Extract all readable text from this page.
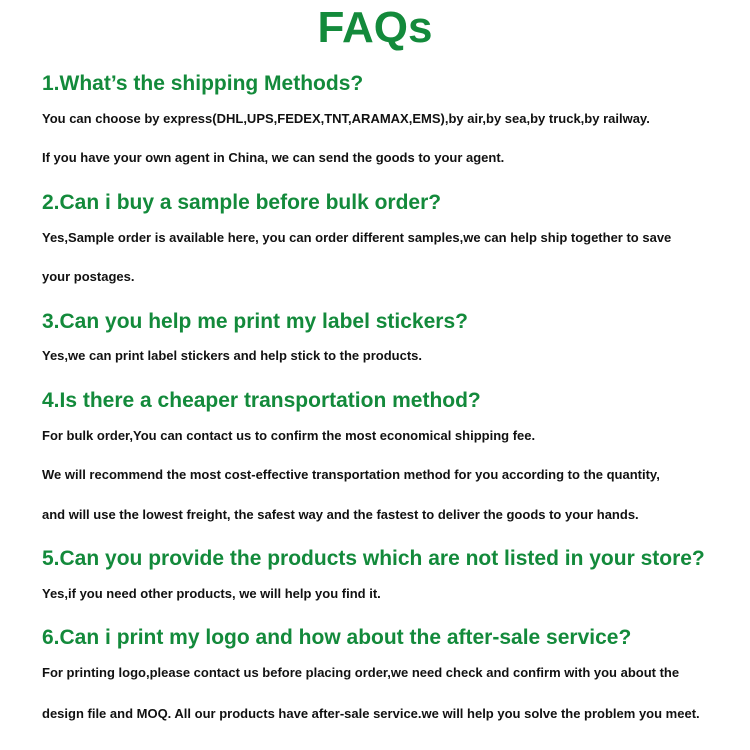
FAQs
1.What’s the shipping Methods?

You can choose by express(DHL,UPS,FEDEX,TNT,ARAMAX,EMS),by air,by sea,by truck,by railway.

If you have your own agent in China, we can send the goods to your agent.

2.Can i buy a sample before bulk order?

Yes,Sample order is available here, you can order different samples,we can help ship together to save

your postages.

3.Can you help me print my label stickers?

Yes,we can print label stickers and help stick to the products.

4.Is there a cheaper transportation method?

For bulk order,You can contact us to confirm the most economical shipping fee.

We will recommend the most cost-effective transportation method for you according to the quantity,

and will use the lowest freight, the safest way and the fastest to deliver the goods to your hands.

5.Can you provide the products which are not listed in your store?

Yes,if you need other products, we will help you find it.

6.Can i print my logo and how about the after-sale service?

For printing logo,please contact us before placing order,we need check and confirm with you about the

design file and MOQ. All our products have after-sale service.we will help you solve the problem you meet.
